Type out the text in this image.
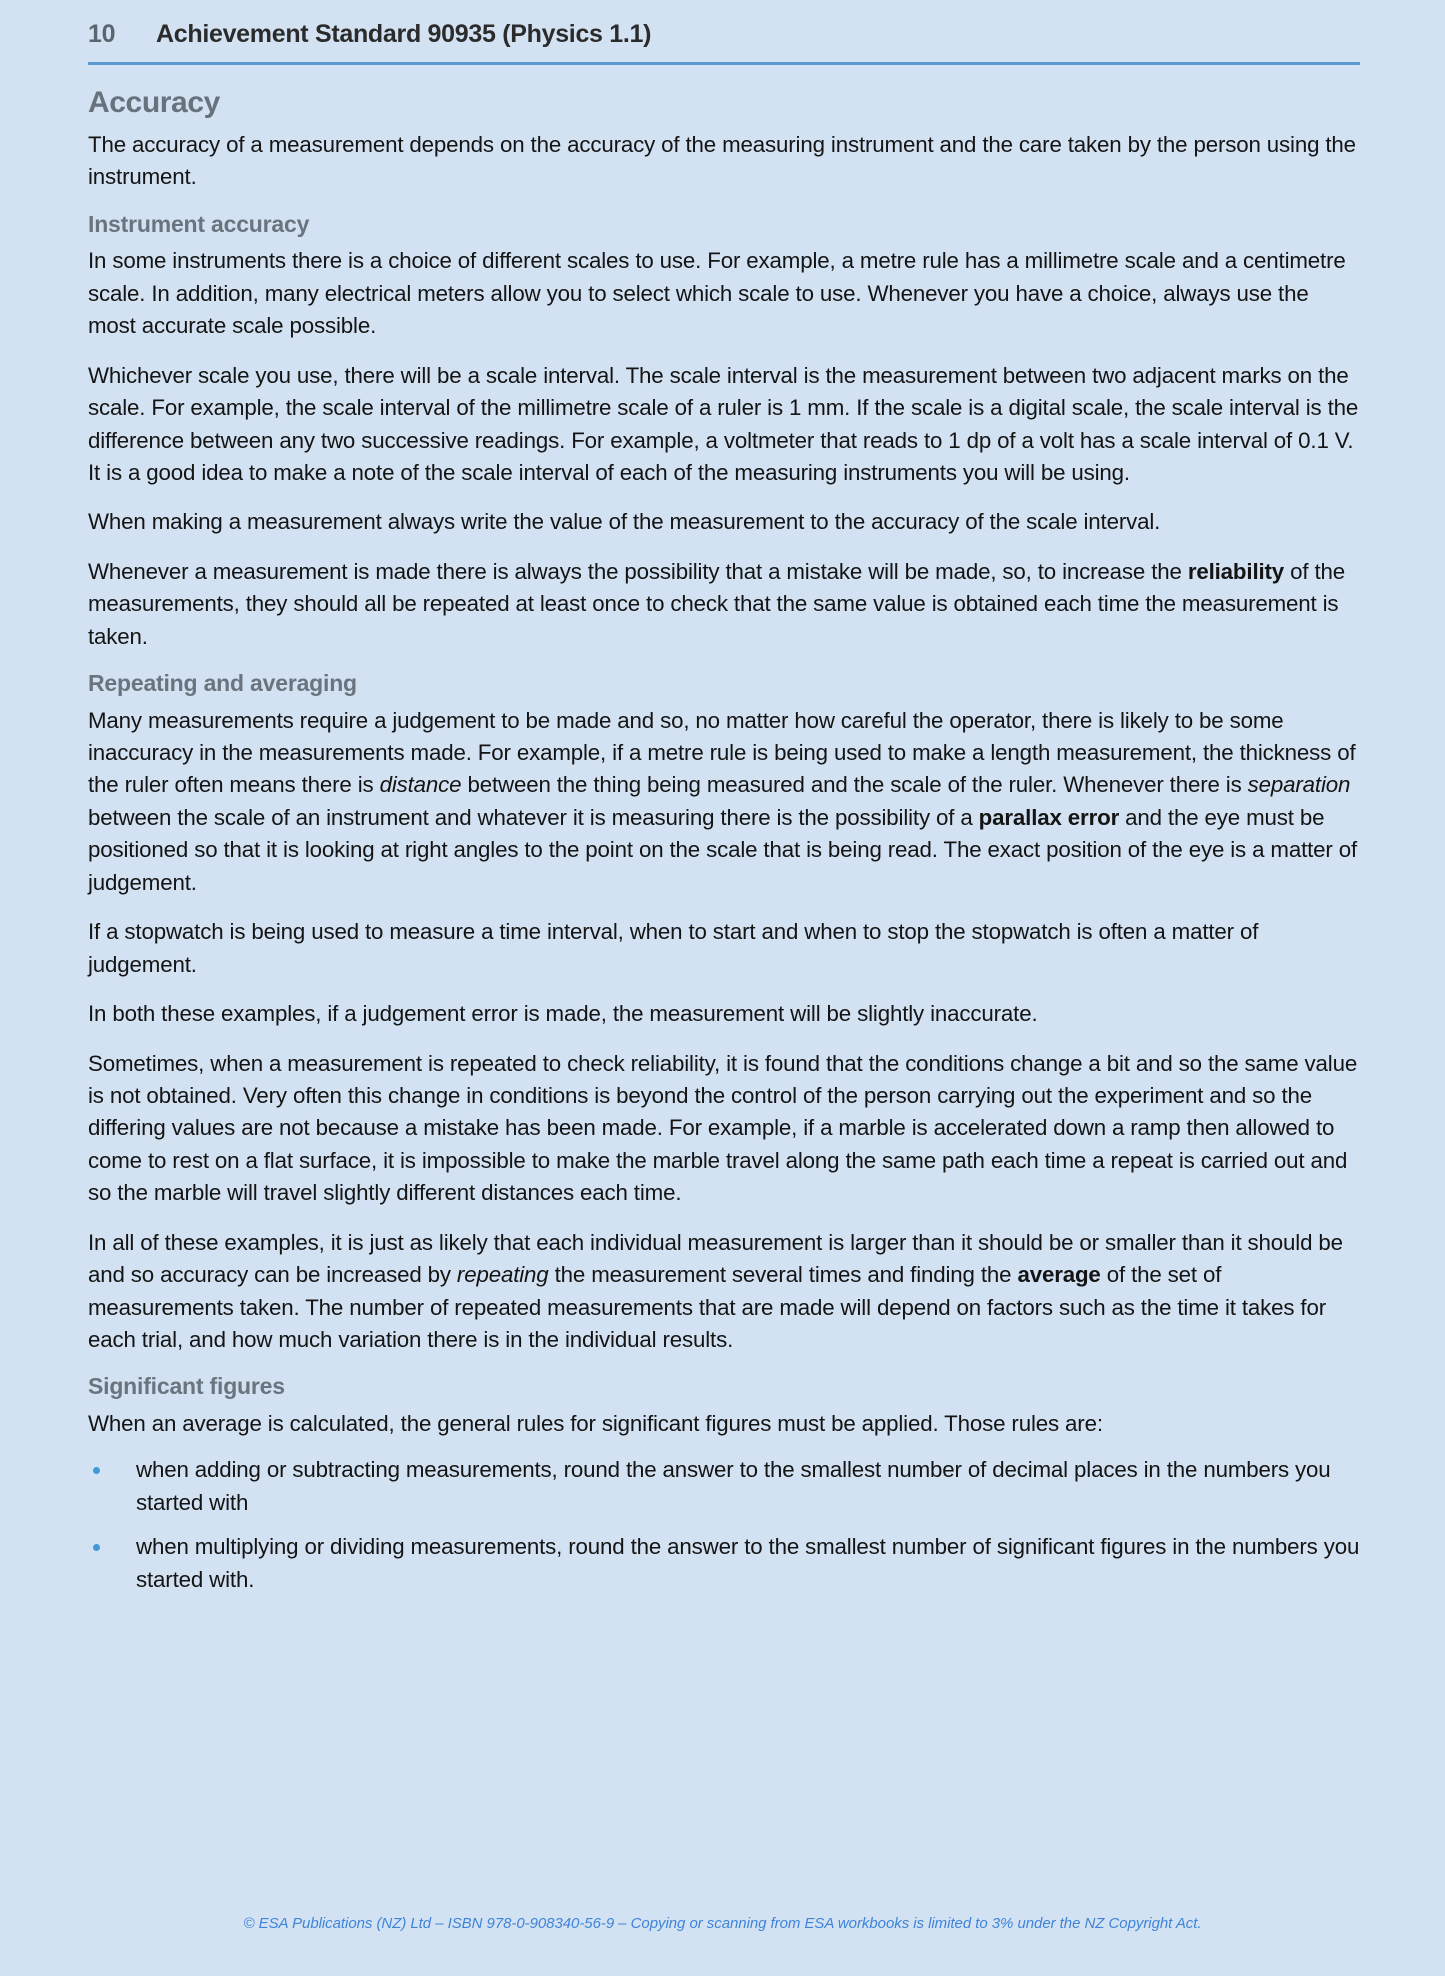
10	Achievement Standard 90935 (Physics 1.1)
Accuracy

The accuracy of a measurement depends on the accuracy of the measuring instrument and the care taken by the person using the instrument.

Instrument accuracy

In some instruments there is a choice of different scales to use. For example, a metre rule has a millimetre scale and a centimetre scale. In addition, many electrical meters allow you to select which scale to use. Whenever you have a choice, always use the most accurate scale possible.

Whichever scale you use, there will be a scale interval. The scale interval is the measurement between two adjacent marks on the scale. For example, the scale interval of the millimetre scale of a ruler is 1 mm. If the scale is a digital scale, the scale interval is the difference between any two successive readings. For example, a voltmeter that reads to 1 dp of a volt has a scale interval of 0.1 V. It is a good idea to make a note of the scale interval of each of the measuring instruments you will be using.

When making a measurement always write the value of the measurement to the accuracy of the scale interval.

Whenever a measurement is made there is always the possibility that a mistake will be made, so, to increase the reliability of the measurements, they should all be repeated at least once to check that the same value is obtained each time the measurement is taken.

Repeating and averaging

Many measurements require a judgement to be made and so, no matter how careful the operator, there is likely to be some inaccuracy in the measurements made. For example, if a metre rule is being used to make a length measurement, the thickness of the ruler often means there is distance between the thing being measured and the scale of the ruler. Whenever there is separation between the scale of an instrument and whatever it is measuring there is the possibility of a parallax error and the eye must be positioned so that it is looking at right angles to the point on the scale that is being read. The exact position of the eye is a matter of judgement.

If a stopwatch is being used to measure a time interval, when to start and when to stop the stopwatch is often a matter of judgement.

In both these examples, if a judgement error is made, the measurement will be slightly inaccurate.

Sometimes, when a measurement is repeated to check reliability, it is found that the conditions change a bit and so the same value is not obtained. Very often this change in conditions is beyond the control of the person carrying out the experiment and so the differing values are not because a mistake has been made. For example, if a marble is accelerated down a ramp then allowed to come to rest on a flat surface, it is impossible to make the marble travel along the same path each time a repeat is carried out and so the marble will travel slightly different distances each time.

In all of these examples, it is just as likely that each individual measurement is larger than it should be or smaller than it should be and so accuracy can be increased by repeating the measurement several times and finding the average of the set of measurements taken. The number of repeated measurements that are made will depend on factors such as the time it takes for each trial, and how much variation there is in the individual results.

Significant figures

When an average is calculated, the general rules for significant figures must be applied. Those rules are:

when adding or subtracting measurements, round the answer to the smallest number of decimal places in the numbers you started with
when multiplying or dividing measurements, round the answer to the smallest number of significant figures in the numbers you started with.
© ESA Publications (NZ) Ltd – ISBN 978-0-908340-56-9 – Copying or scanning from ESA workbooks is limited to 3% under the NZ Copyright Act.
